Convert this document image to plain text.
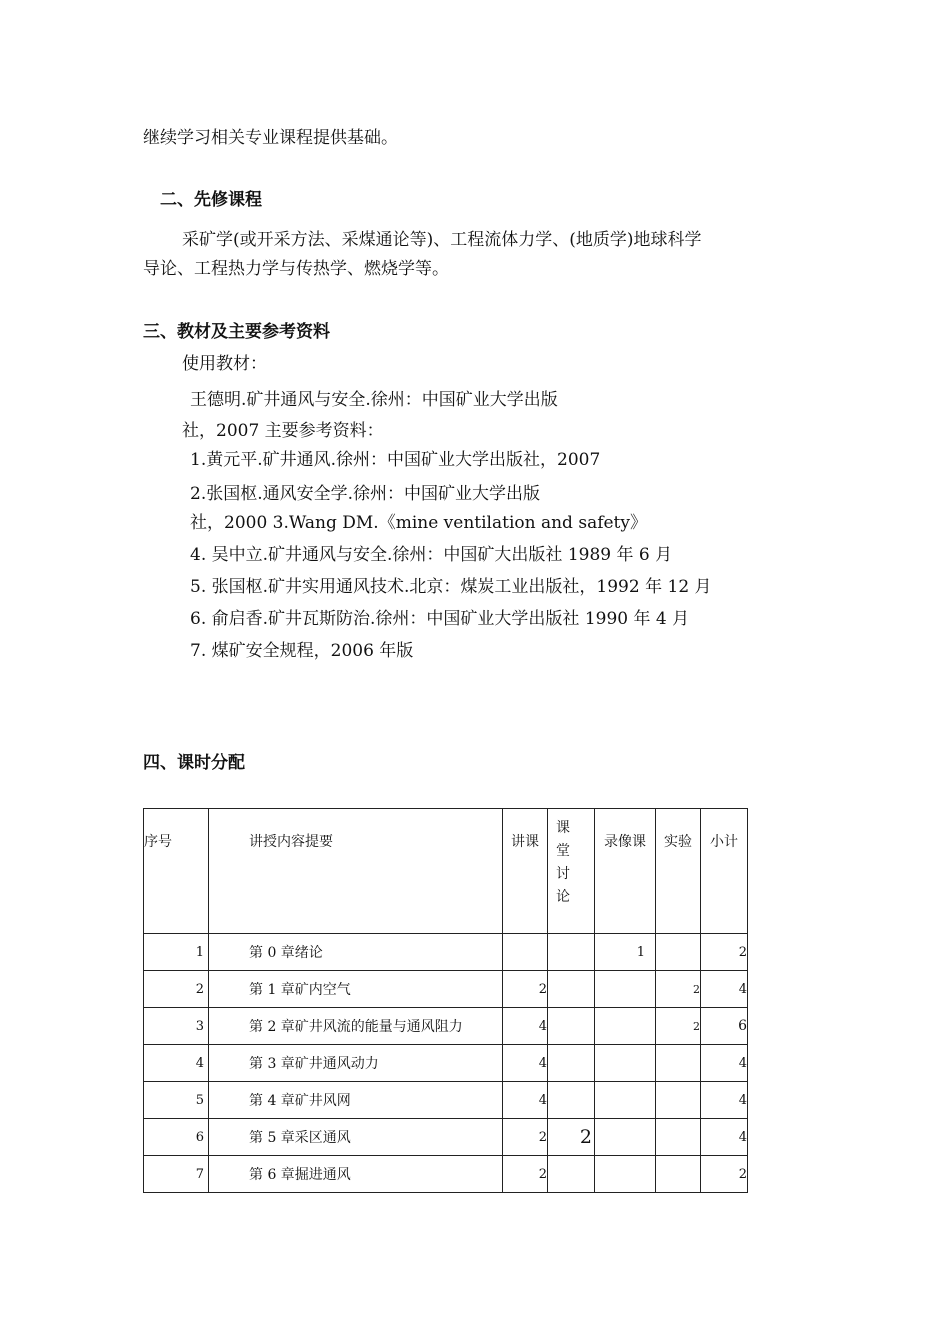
继续学习相关专业课程提供基础。
二、先修课程
采矿学(或开采方法、采煤通论等)、工程流体力学、(地质学)地球科学
导论、工程热力学与传热学、燃烧学等。
三、教材及主要参考资料
使用教材：
王德明.矿井通风与安全.徐州：中国矿业大学出版
社，2007 主要参考资料：
1.黄元平.矿井通风.徐州：中国矿业大学出版社，2007
2.张国枢.通风安全学.徐州：中国矿业大学出版
社，2000 3.Wang DM.《mine ventilation and safety》
4. 吴中立.矿井通风与安全.徐州：中国矿大出版社 1989 年 6 月
5. 张国枢.矿井实用通风技术.北京：煤炭工业出版社，1992 年 12 月
6. 俞启香.矿井瓦斯防治.徐州：中国矿业大学出版社 1990 年 4 月
7. 煤矿安全规程，2006 年版
四、课时分配
序号	讲授内容提要	讲课	课
堂
讨
论	录像课	实验	小计
1	第 0 章绪论			1		2
2	第 1 章矿内空气	2			2	4
3	第 2 章矿井风流的能量与通风阻力	4			2	6
4	第 3 章矿井通风动力	4				4
5	第 4 章矿井风网	4				4
6	第 5 章采区通风	2	2			4
7	第 6 章掘进通风	2				2
